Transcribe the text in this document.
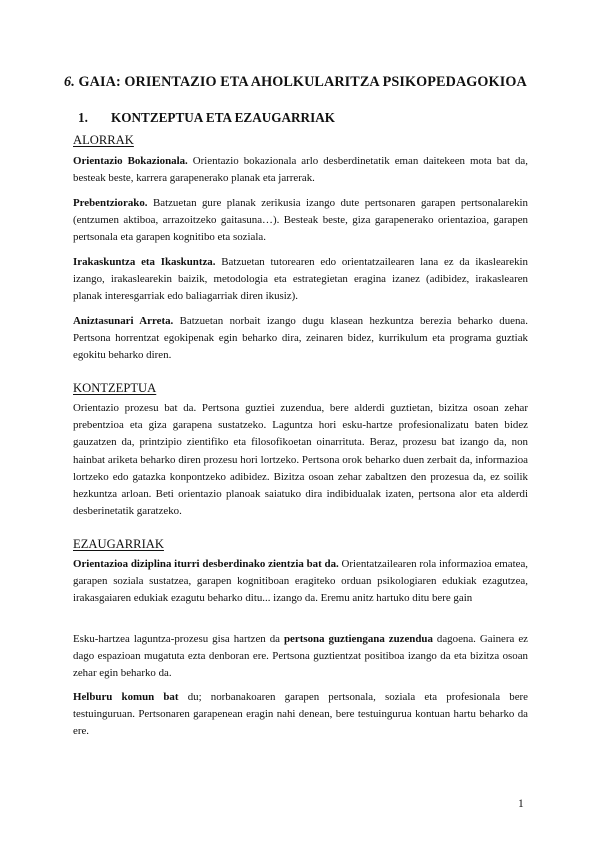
6. GAIA: ORIENTAZIO ETA AHOLKULARITZA PSIKOPEDAGOKIOA
1. KONTZEPTUA ETA EZAUGARRIAK
ALORRAK
Orientazio Bokazionala. Orientazio bokazionala arlo desberdinetatik eman daitekeen mota bat da, besteak beste, karrera garapenerako planak eta jarrerak.
Prebentziorako. Batzuetan gure planak zerikusia izango dute pertsonaren garapen pertsonalarekin (entzumen aktiboa, arrazoitzeko gaitasuna…). Besteak beste, giza garapenerako orientazioa, garapen pertsonala eta garapen kognitibo eta soziala.
Irakaskuntza eta Ikaskuntza. Batzuetan tutorearen edo orientatzailearen lana ez da ikaslearekin izango, irakaslearekin baizik, metodologia eta estrategietan eragina izanez (adibidez, irakaslearen planak interesgarriak edo baliagarriak diren ikusiz).
Aniztasunari Arreta. Batzuetan norbait izango dugu klasean hezkuntza berezia beharko duena. Pertsona horrentzat egokipenak egin beharko dira, zeinaren bidez, kurrikulum eta programa guztiak egokitu beharko diren.
KONTZEPTUA
Orientazio prozesu bat da. Pertsona guztiei zuzendua, bere alderdi guztietan, bizitza osoan zehar prebentzioa eta giza garapena sustatzeko. Laguntza hori esku-hartze profesionalizatu baten bidez gauzatzen da, printzipio zientifiko eta filosofikoetan oinarrituta. Beraz, prozesu bat izango da, non hainbat ariketa beharko diren prozesu hori lortzeko. Pertsona orok beharko duen zerbait da, informazioa lortzeko edo gatazka konpontzeko adibidez. Bizitza osoan zehar zabaltzen den prozesua da, ez soilik hezkuntza arloan. Beti orientazio planoak saiatuko dira indibidualak izaten, pertsona alor eta alderdi desberinetatik garatzeko.
EZAUGARRIAK
Orientazioa diziplina iturri desberdinako zientzia bat da. Orientatzailearen rola informazioa ematea, garapen soziala sustatzea, garapen kognitiboan eragiteko orduan psikologiaren edukiak ezagutzea, irakasgaiaren edukiak ezagutu beharko ditu... izango da. Eremu anitz hartuko ditu bere gain
Esku-hartzea laguntza-prozesu gisa hartzen da pertsona guztiengana zuzendua dagoena. Gainera ez dago espazioan mugatuta ezta denboran ere. Pertsona guztientzat positiboa izango da eta bizitza osoan zehar egin beharko da.
Helburu komun bat du; norbanakoaren garapen pertsonala, soziala eta profesionala bere testuinguruan. Pertsonaren garapenean eragin nahi denean, bere testuingurua kontuan hartu beharko da ere.
1
